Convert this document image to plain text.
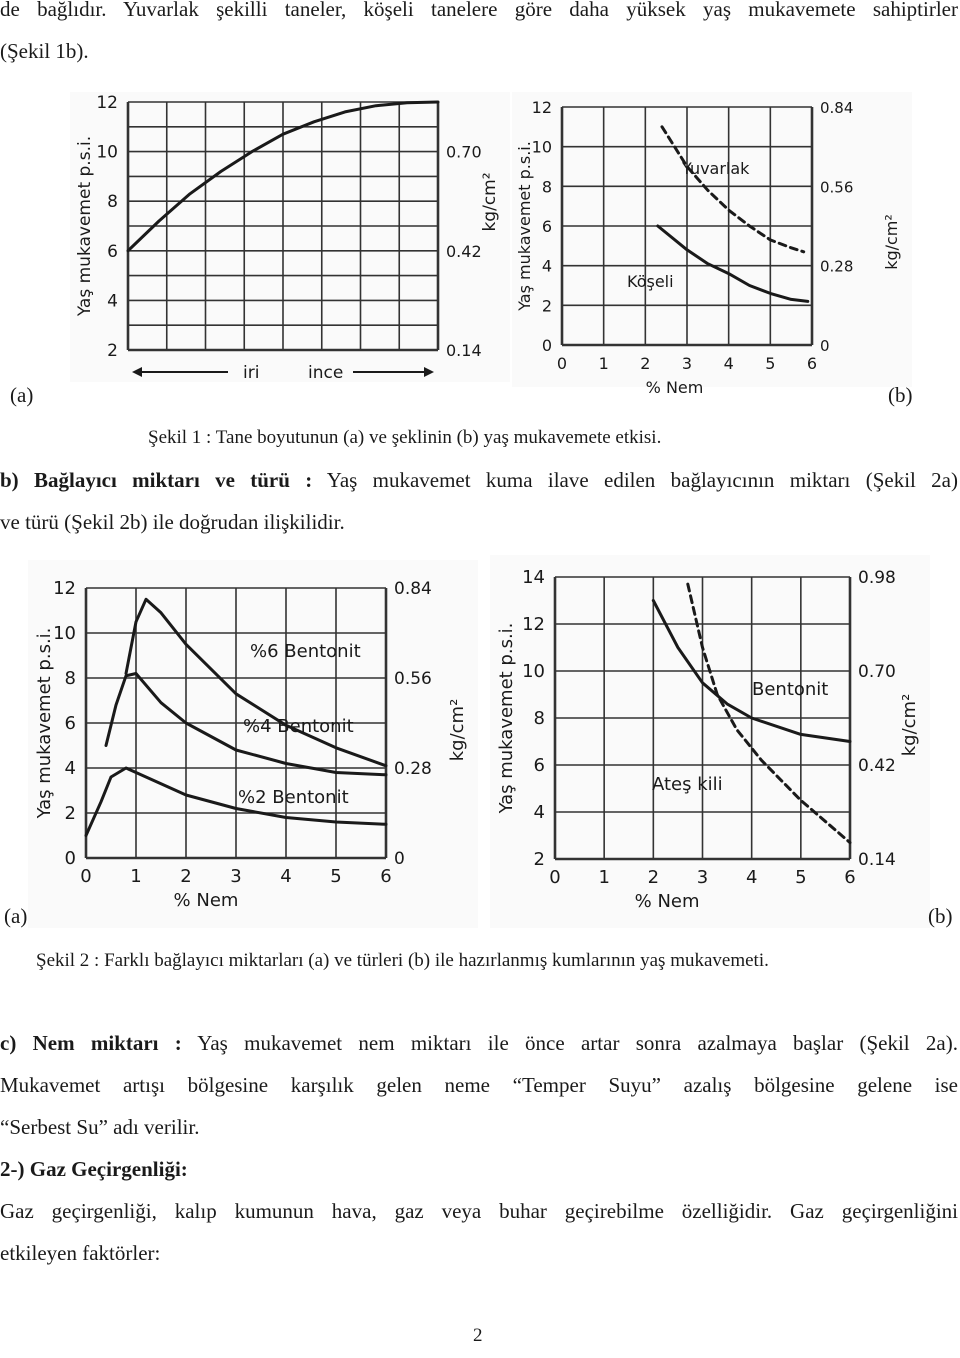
de bağlıdır. Yuvarlak şekilli taneler, köşeli tanelere göre daha yüksek yaş mukavemete sahiptirler
(Şekil 1b).
2
4
6
8
10
12
0.14
0.42
0.70
Yaş mukavemet p.s.i.	kg/cm²
iri	ince
0
2
4
6
8
10
12
0
0.28
0.56
0.84
0 1 2 3 4 5 6
Yaş mukavemet p.s.i.	kg/cm²
% Nem
Yuvarlak
Köşeli
(a)	(b)
Şekil 1 : Tane boyutunun (a) ve şeklinin (b) yaş mukavemete etkisi.
b) Bağlayıcı miktarı ve türü : Yaş mukavemet kuma ilave edilen bağlayıcının miktarı (Şekil 2a)
ve türü (Şekil 2b) ile doğrudan ilişkilidir.
0
2
4
6
8
10
12
0
0.28
0.56
0.84
0 1 2 3 4 5 6
Yaş mukavemet p.s.i.	kg/cm²
% Nem
%6 Bentonit
%4 Bentonit
%2 Bentonit
2
4
6
8
10
12
14
0.14
0.42
0.70
0.98
0 1 2 3 4 5 6
Yaş mukavemet p.s.i.	kg/cm²
% Nem
Bentonit
Ateş kili
(a)	(b)
Şekil 2 : Farklı bağlayıcı miktarları (a) ve türleri (b) ile hazırlanmış kumlarının yaş mukavemeti.
c) Nem miktarı : Yaş mukavemet nem miktarı ile önce artar sonra azalmaya başlar (Şekil 2a).
Mukavemet artışı bölgesine karşılık gelen neme “Temper Suyu” azalış bölgesine gelene ise
“Serbest Su” adı verilir.
2-) Gaz Geçirgenliği:
Gaz geçirgenliği, kalıp kumunun hava, gaz veya buhar geçirebilme özelliğidir. Gaz geçirgenliğini
etkileyen faktörler:
2
